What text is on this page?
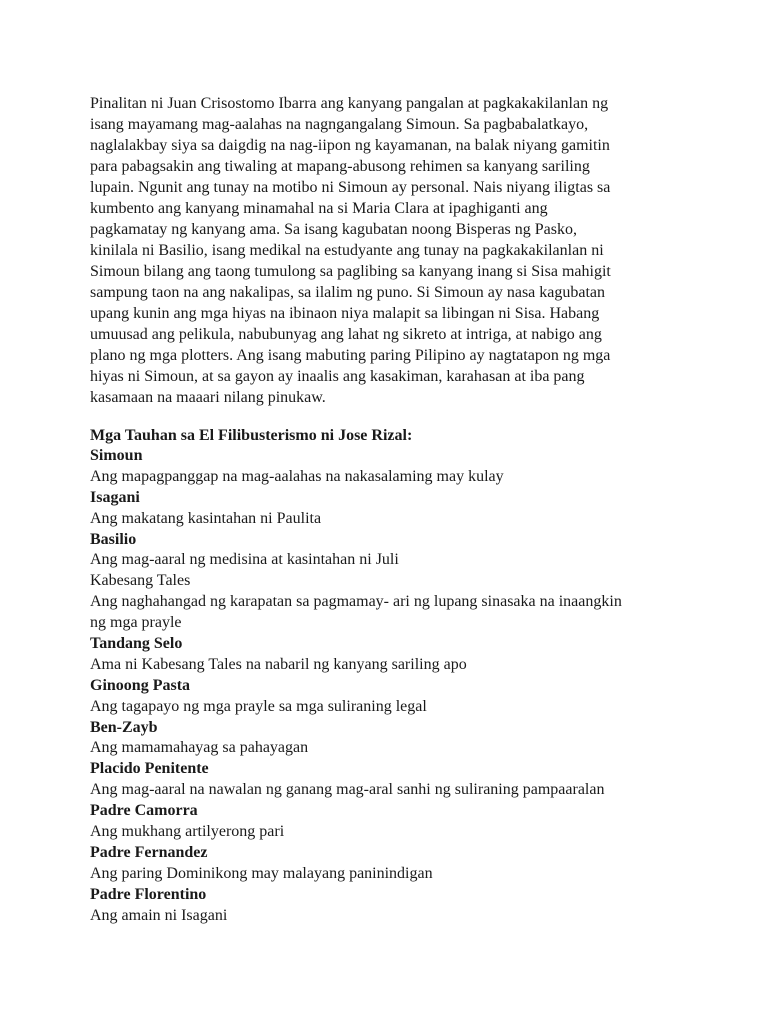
Pinalitan ni Juan Crisostomo Ibarra ang kanyang pangalan at pagkakakilanlan ng
isang mayamang mag-aalahas na nagngangalang Simoun. Sa pagbabalatkayo,
naglalakbay siya sa daigdig na nag-iipon ng kayamanan, na balak niyang gamitin
para pabagsakin ang tiwaling at mapang-abusong rehimen sa kanyang sariling
lupain. Ngunit ang tunay na motibo ni Simoun ay personal. Nais niyang iligtas sa
kumbento ang kanyang minamahal na si Maria Clara at ipaghiganti ang
pagkamatay ng kanyang ama. Sa isang kagubatan noong Bisperas ng Pasko,
kinilala ni Basilio, isang medikal na estudyante ang tunay na pagkakakilanlan ni
Simoun bilang ang taong tumulong sa paglibing sa kanyang inang si Sisa mahigit
sampung taon na ang nakalipas, sa ilalim ng puno. Si Simoun ay nasa kagubatan
upang kunin ang mga hiyas na ibinaon niya malapit sa libingan ni Sisa. Habang
umuusad ang pelikula, nabubunyag ang lahat ng sikreto at intriga, at nabigo ang
plano ng mga plotters. Ang isang mabuting paring Pilipino ay nagtatapon ng mga
hiyas ni Simoun, at sa gayon ay inaalis ang kasakiman, karahasan at iba pang
kasamaan na maaari nilang pinukaw.
Mga Tauhan sa El Filibusterismo ni Jose Rizal:
Simoun
Ang mapagpanggap na mag-aalahas na nakasalaming may kulay
Isagani
Ang makatang kasintahan ni Paulita
Basilio
Ang mag-aaral ng medisina at kasintahan ni Juli
Kabesang Tales
Ang naghahangad ng karapatan sa pagmamay- ari ng lupang sinasaka na inaangkin
ng mga prayle
Tandang Selo
Ama ni Kabesang Tales na nabaril ng kanyang sariling apo
Ginoong Pasta
Ang tagapayo ng mga prayle sa mga suliraning legal
Ben-Zayb
Ang mamamahayag sa pahayagan
Placido Penitente
Ang mag-aaral na nawalan ng ganang mag-aral sanhi ng suliraning pampaaralan
Padre Camorra
Ang mukhang artilyerong pari
Padre Fernandez
Ang paring Dominikong may malayang paninindigan
Padre Florentino
Ang amain ni Isagani
